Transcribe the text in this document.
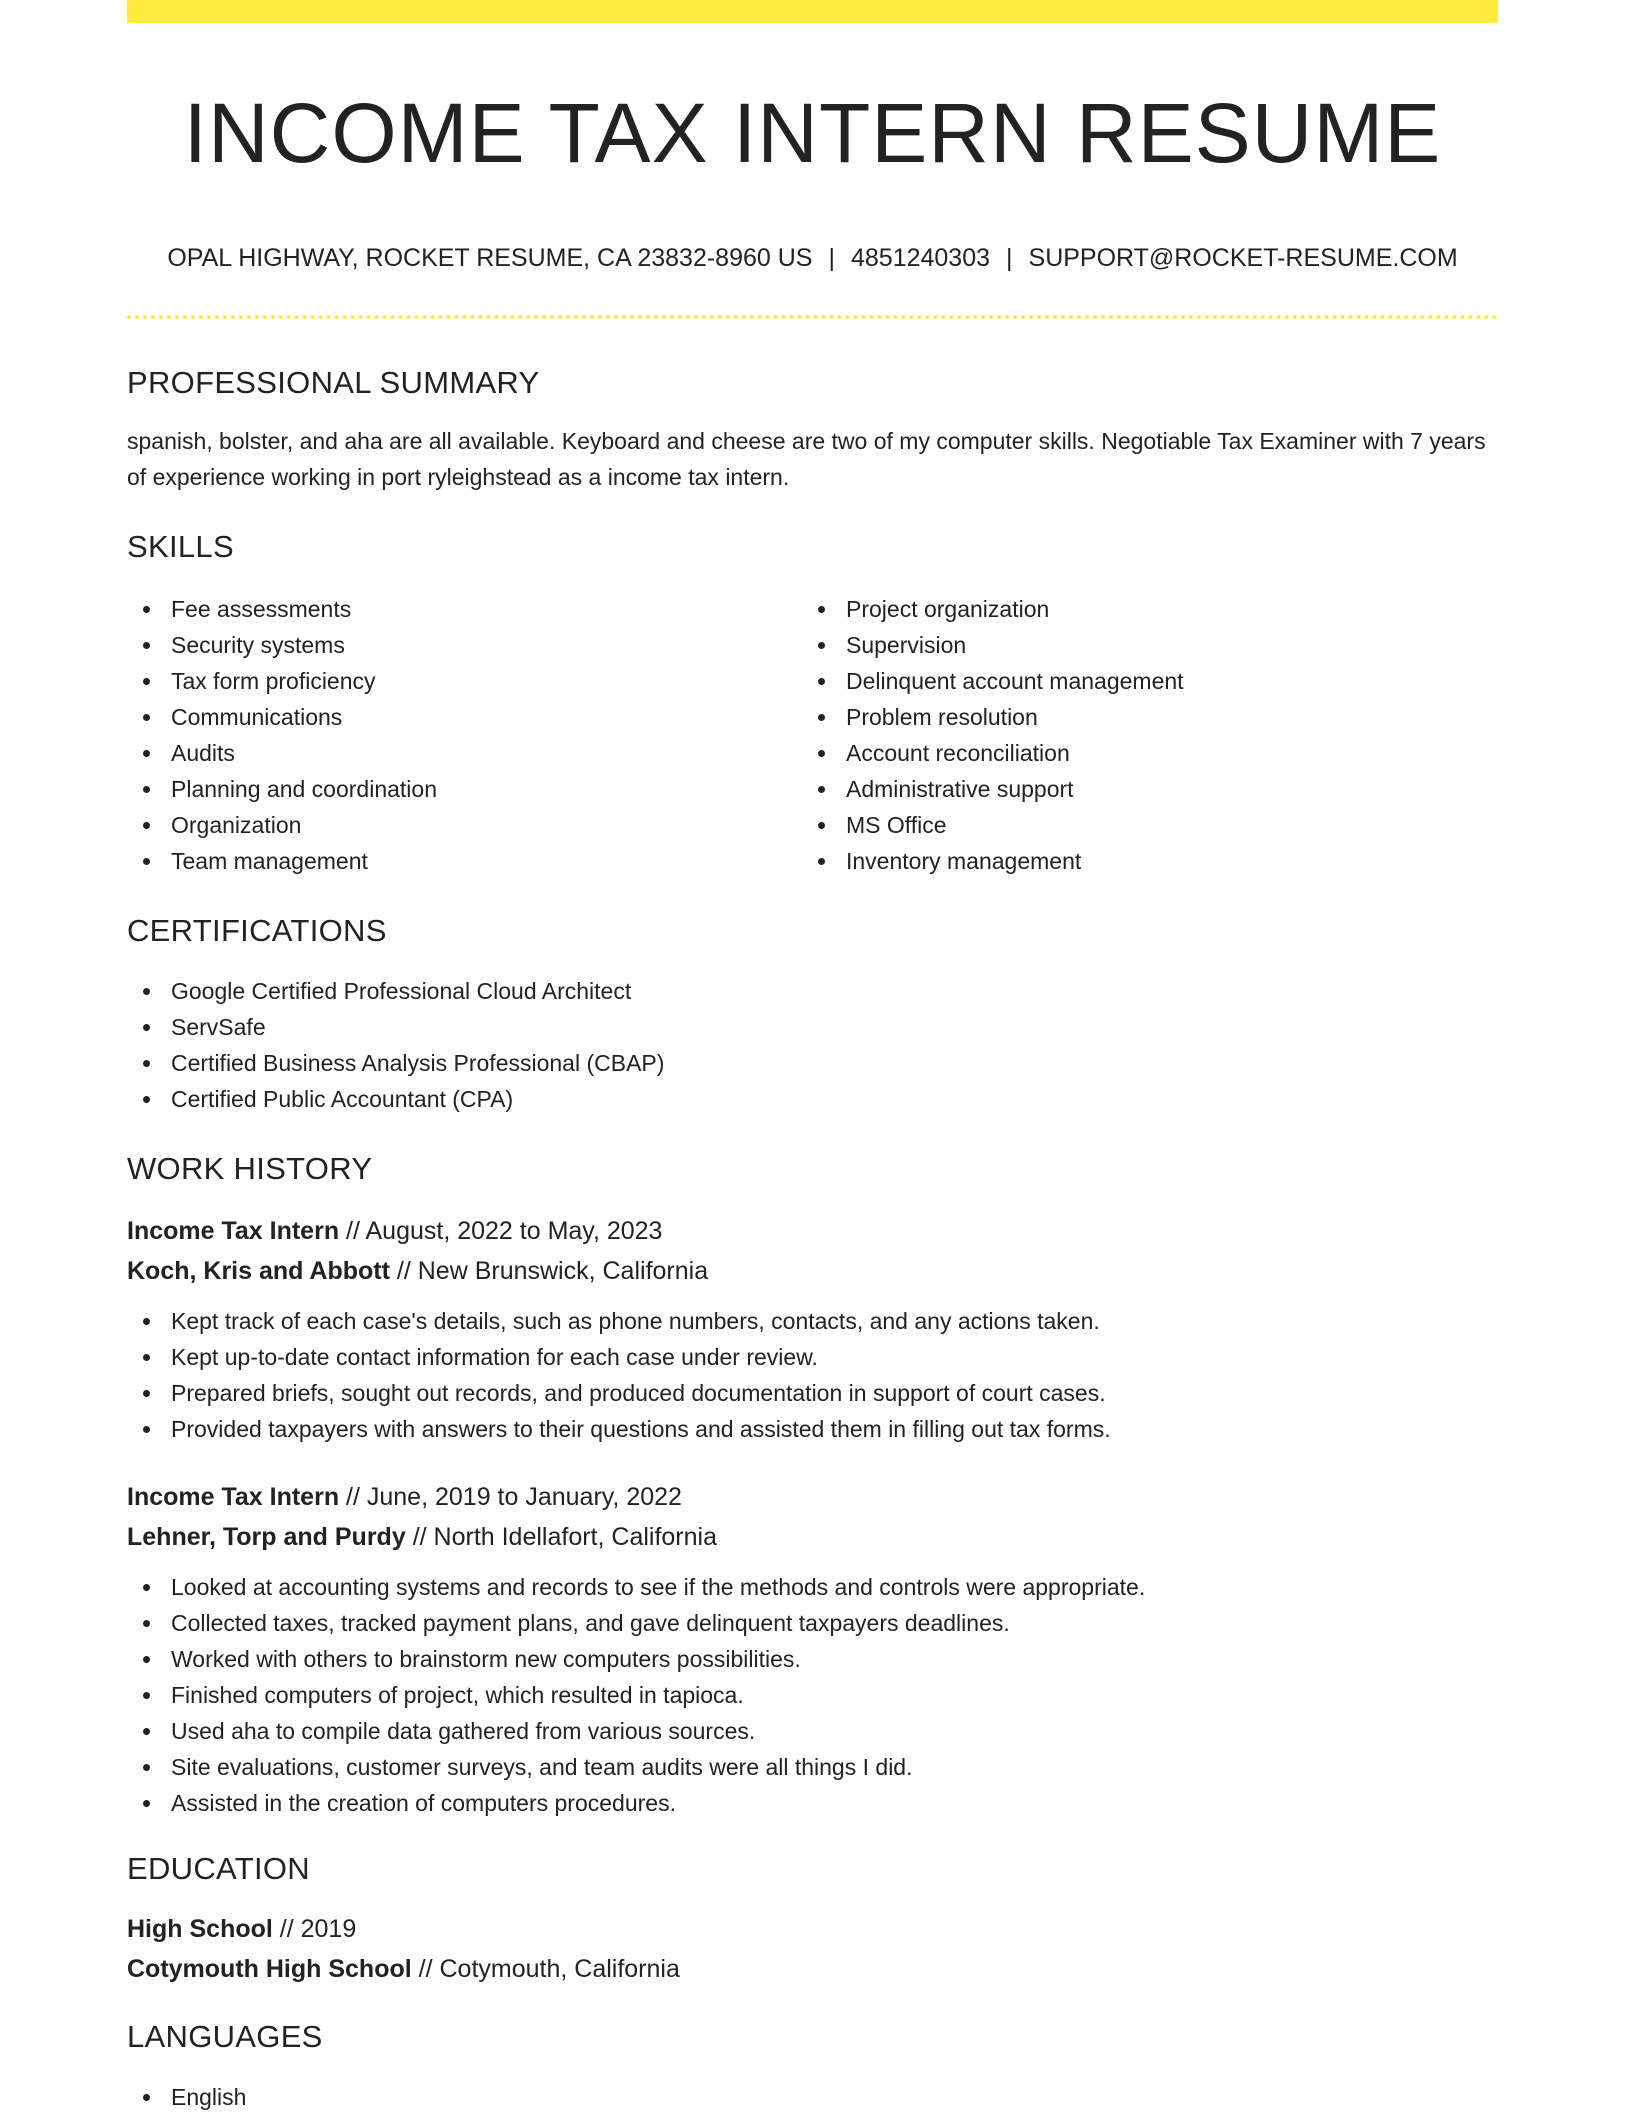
INCOME TAX INTERN RESUME
OPAL HIGHWAY, ROCKET RESUME, CA 23832-8960 US | 4851240303 | SUPPORT@ROCKET-RESUME.COM
PROFESSIONAL SUMMARY
spanish, bolster, and aha are all available. Keyboard and cheese are two of my computer skills. Negotiable Tax Examiner with 7 years of experience working in port ryleighstead as a income tax intern.
SKILLS
Fee assessments
Security systems
Tax form proficiency
Communications
Audits
Planning and coordination
Organization
Team management
Project organization
Supervision
Delinquent account management
Problem resolution
Account reconciliation
Administrative support
MS Office
Inventory management
CERTIFICATIONS
Google Certified Professional Cloud Architect
ServSafe
Certified Business Analysis Professional (CBAP)
Certified Public Accountant (CPA)
WORK HISTORY
Income Tax Intern // August, 2022 to May, 2023
Koch, Kris and Abbott // New Brunswick, California
Kept track of each case's details, such as phone numbers, contacts, and any actions taken.
Kept up-to-date contact information for each case under review.
Prepared briefs, sought out records, and produced documentation in support of court cases.
Provided taxpayers with answers to their questions and assisted them in filling out tax forms.
Income Tax Intern // June, 2019 to January, 2022
Lehner, Torp and Purdy // North Idellafort, California
Looked at accounting systems and records to see if the methods and controls were appropriate.
Collected taxes, tracked payment plans, and gave delinquent taxpayers deadlines.
Worked with others to brainstorm new computers possibilities.
Finished computers of project, which resulted in tapioca.
Used aha to compile data gathered from various sources.
Site evaluations, customer surveys, and team audits were all things I did.
Assisted in the creation of computers procedures.
EDUCATION
High School // 2019
Cotymouth High School // Cotymouth, California
LANGUAGES
English
